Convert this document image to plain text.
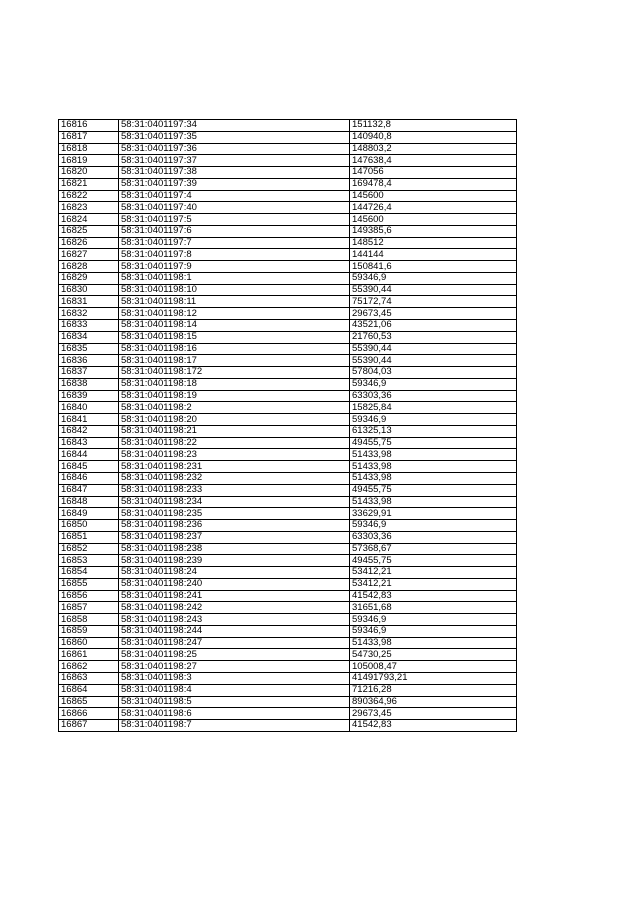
16816	58:31:0401197:34	151132,8
16817	58:31:0401197:35	140940,8
16818	58:31:0401197:36	148803,2
16819	58:31:0401197:37	147638,4
16820	58:31:0401197:38	147056
16821	58:31:0401197:39	169478,4
16822	58:31:0401197:4	145600
16823	58:31:0401197:40	144726,4
16824	58:31:0401197:5	145600
16825	58:31:0401197:6	149385,6
16826	58:31:0401197:7	148512
16827	58:31:0401197:8	144144
16828	58:31:0401197:9	150841,6
16829	58:31:0401198:1	59346,9
16830	58:31:0401198:10	55390,44
16831	58:31:0401198:11	75172,74
16832	58:31:0401198:12	29673,45
16833	58:31:0401198:14	43521,06
16834	58:31:0401198:15	21760,53
16835	58:31:0401198:16	55390,44
16836	58:31:0401198:17	55390,44
16837	58:31:0401198:172	57804,03
16838	58:31:0401198:18	59346,9
16839	58:31:0401198:19	63303,36
16840	58:31:0401198:2	15825,84
16841	58:31:0401198:20	59346,9
16842	58:31:0401198:21	61325,13
16843	58:31:0401198:22	49455,75
16844	58:31:0401198:23	51433,98
16845	58:31:0401198:231	51433,98
16846	58:31:0401198:232	51433,98
16847	58:31:0401198:233	49455,75
16848	58:31:0401198:234	51433,98
16849	58:31:0401198:235	33629,91
16850	58:31:0401198:236	59346,9
16851	58:31:0401198:237	63303,36
16852	58:31:0401198:238	57368,67
16853	58:31:0401198:239	49455,75
16854	58:31:0401198:24	53412,21
16855	58:31:0401198:240	53412,21
16856	58:31:0401198:241	41542,83
16857	58:31:0401198:242	31651,68
16858	58:31:0401198:243	59346,9
16859	58:31:0401198:244	59346,9
16860	58:31:0401198:247	51433,98
16861	58:31:0401198:25	54730,25
16862	58:31:0401198:27	105008,47
16863	58:31:0401198:3	41491793,21
16864	58:31:0401198:4	71216,28
16865	58:31:0401198:5	890364,96
16866	58:31:0401198:6	29673,45
16867	58:31:0401198:7	41542,83
